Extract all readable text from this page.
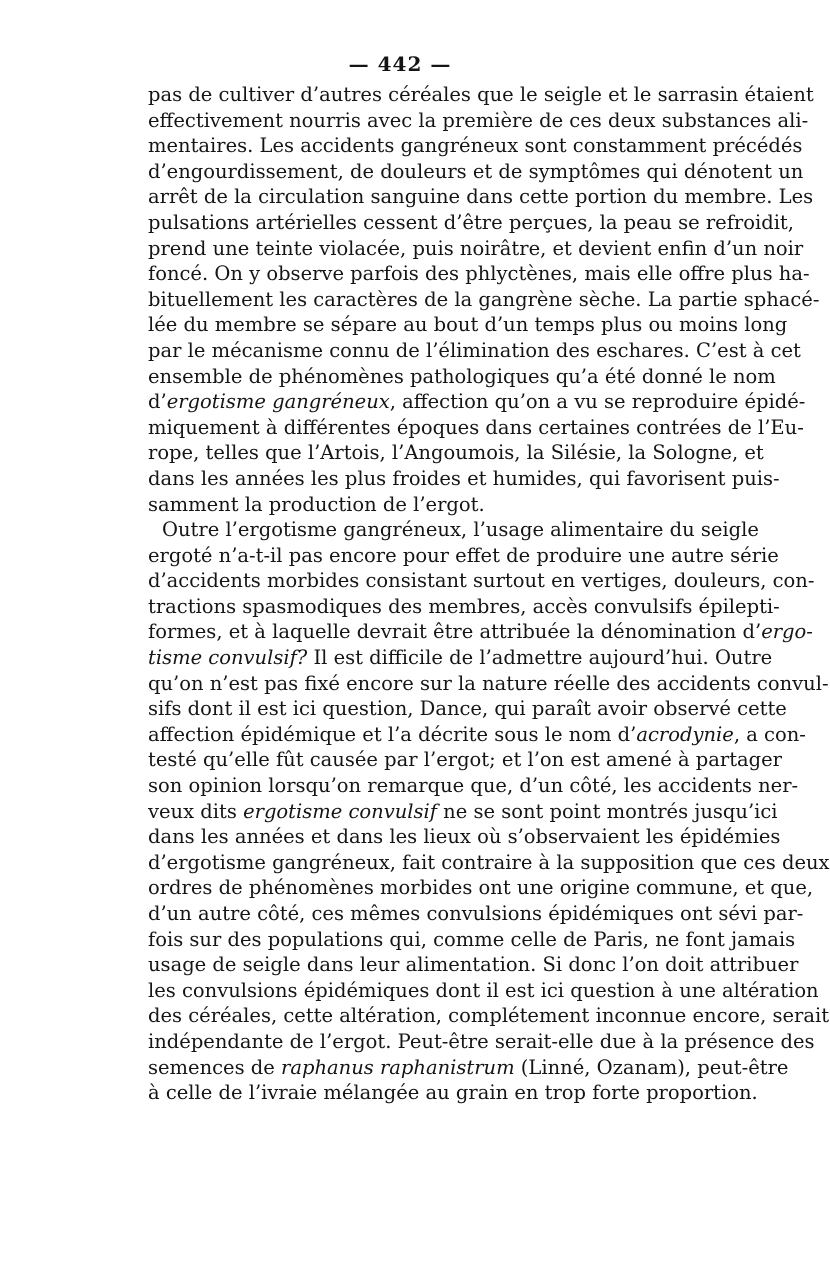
— 442 —
pas de cultiver d’autres céréales que le seigle et le sarrasin étaient
effectivement nourris avec la première de ces deux substances ali-
mentaires. Les accidents gangréneux sont constamment précédés
d’engourdissement, de douleurs et de symptômes qui dénotent un
arrêt de la circulation sanguine dans cette portion du membre. Les
pulsations artérielles cessent d’être perçues, la peau se refroidit,
prend une teinte violacée, puis noirâtre, et devient enfin d’un noir
foncé. On y observe parfois des phlyctènes, mais elle offre plus ha-
bituellement les caractères de la gangrène sèche. La partie sphacé-
lée du membre se sépare au bout d’un temps plus ou moins long
par le mécanisme connu de l’élimination des eschares. C’est à cet
ensemble de phénomènes pathologiques qu’a été donné le nom
d’ergotisme gangréneux, affection qu’on a vu se reproduire épidé-
miquement à différentes époques dans certaines contrées de l’Eu-
rope, telles que l’Artois, l’Angoumois, la Silésie, la Sologne, et
dans les années les plus froides et humides, qui favorisent puis-
samment la production de l’ergot.
Outre l’ergotisme gangréneux, l’usage alimentaire du seigle
ergoté n’a-t-il pas encore pour effet de produire une autre série
d’accidents morbides consistant surtout en vertiges, douleurs, con-
tractions spasmodiques des membres, accès convulsifs épilepti-
formes, et à laquelle devrait être attribuée la dénomination d’ergo-
tisme convulsif? Il est difficile de l’admettre aujourd’hui. Outre
qu’on n’est pas fixé encore sur la nature réelle des accidents convul-
sifs dont il est ici question, Dance, qui paraît avoir observé cette
affection épidémique et l’a décrite sous le nom d’acrodynie, a con-
testé qu’elle fût causée par l’ergot; et l’on est amené à partager
son opinion lorsqu’on remarque que, d’un côté, les accidents ner-
veux dits ergotisme convulsif ne se sont point montrés jusqu’ici
dans les années et dans les lieux où s’observaient les épidémies
d’ergotisme gangréneux, fait contraire à la supposition que ces deux
ordres de phénomènes morbides ont une origine commune, et que,
d’un autre côté, ces mêmes convulsions épidémiques ont sévi par-
fois sur des populations qui, comme celle de Paris, ne font jamais
usage de seigle dans leur alimentation. Si donc l’on doit attribuer
les convulsions épidémiques dont il est ici question à une altération
des céréales, cette altération, complétement inconnue encore, serait
indépendante de l’ergot. Peut-être serait-elle due à la présence des
semences de raphanus raphanistrum (Linné, Ozanam), peut-être
à celle de l’ivraie mélangée au grain en trop forte proportion.
